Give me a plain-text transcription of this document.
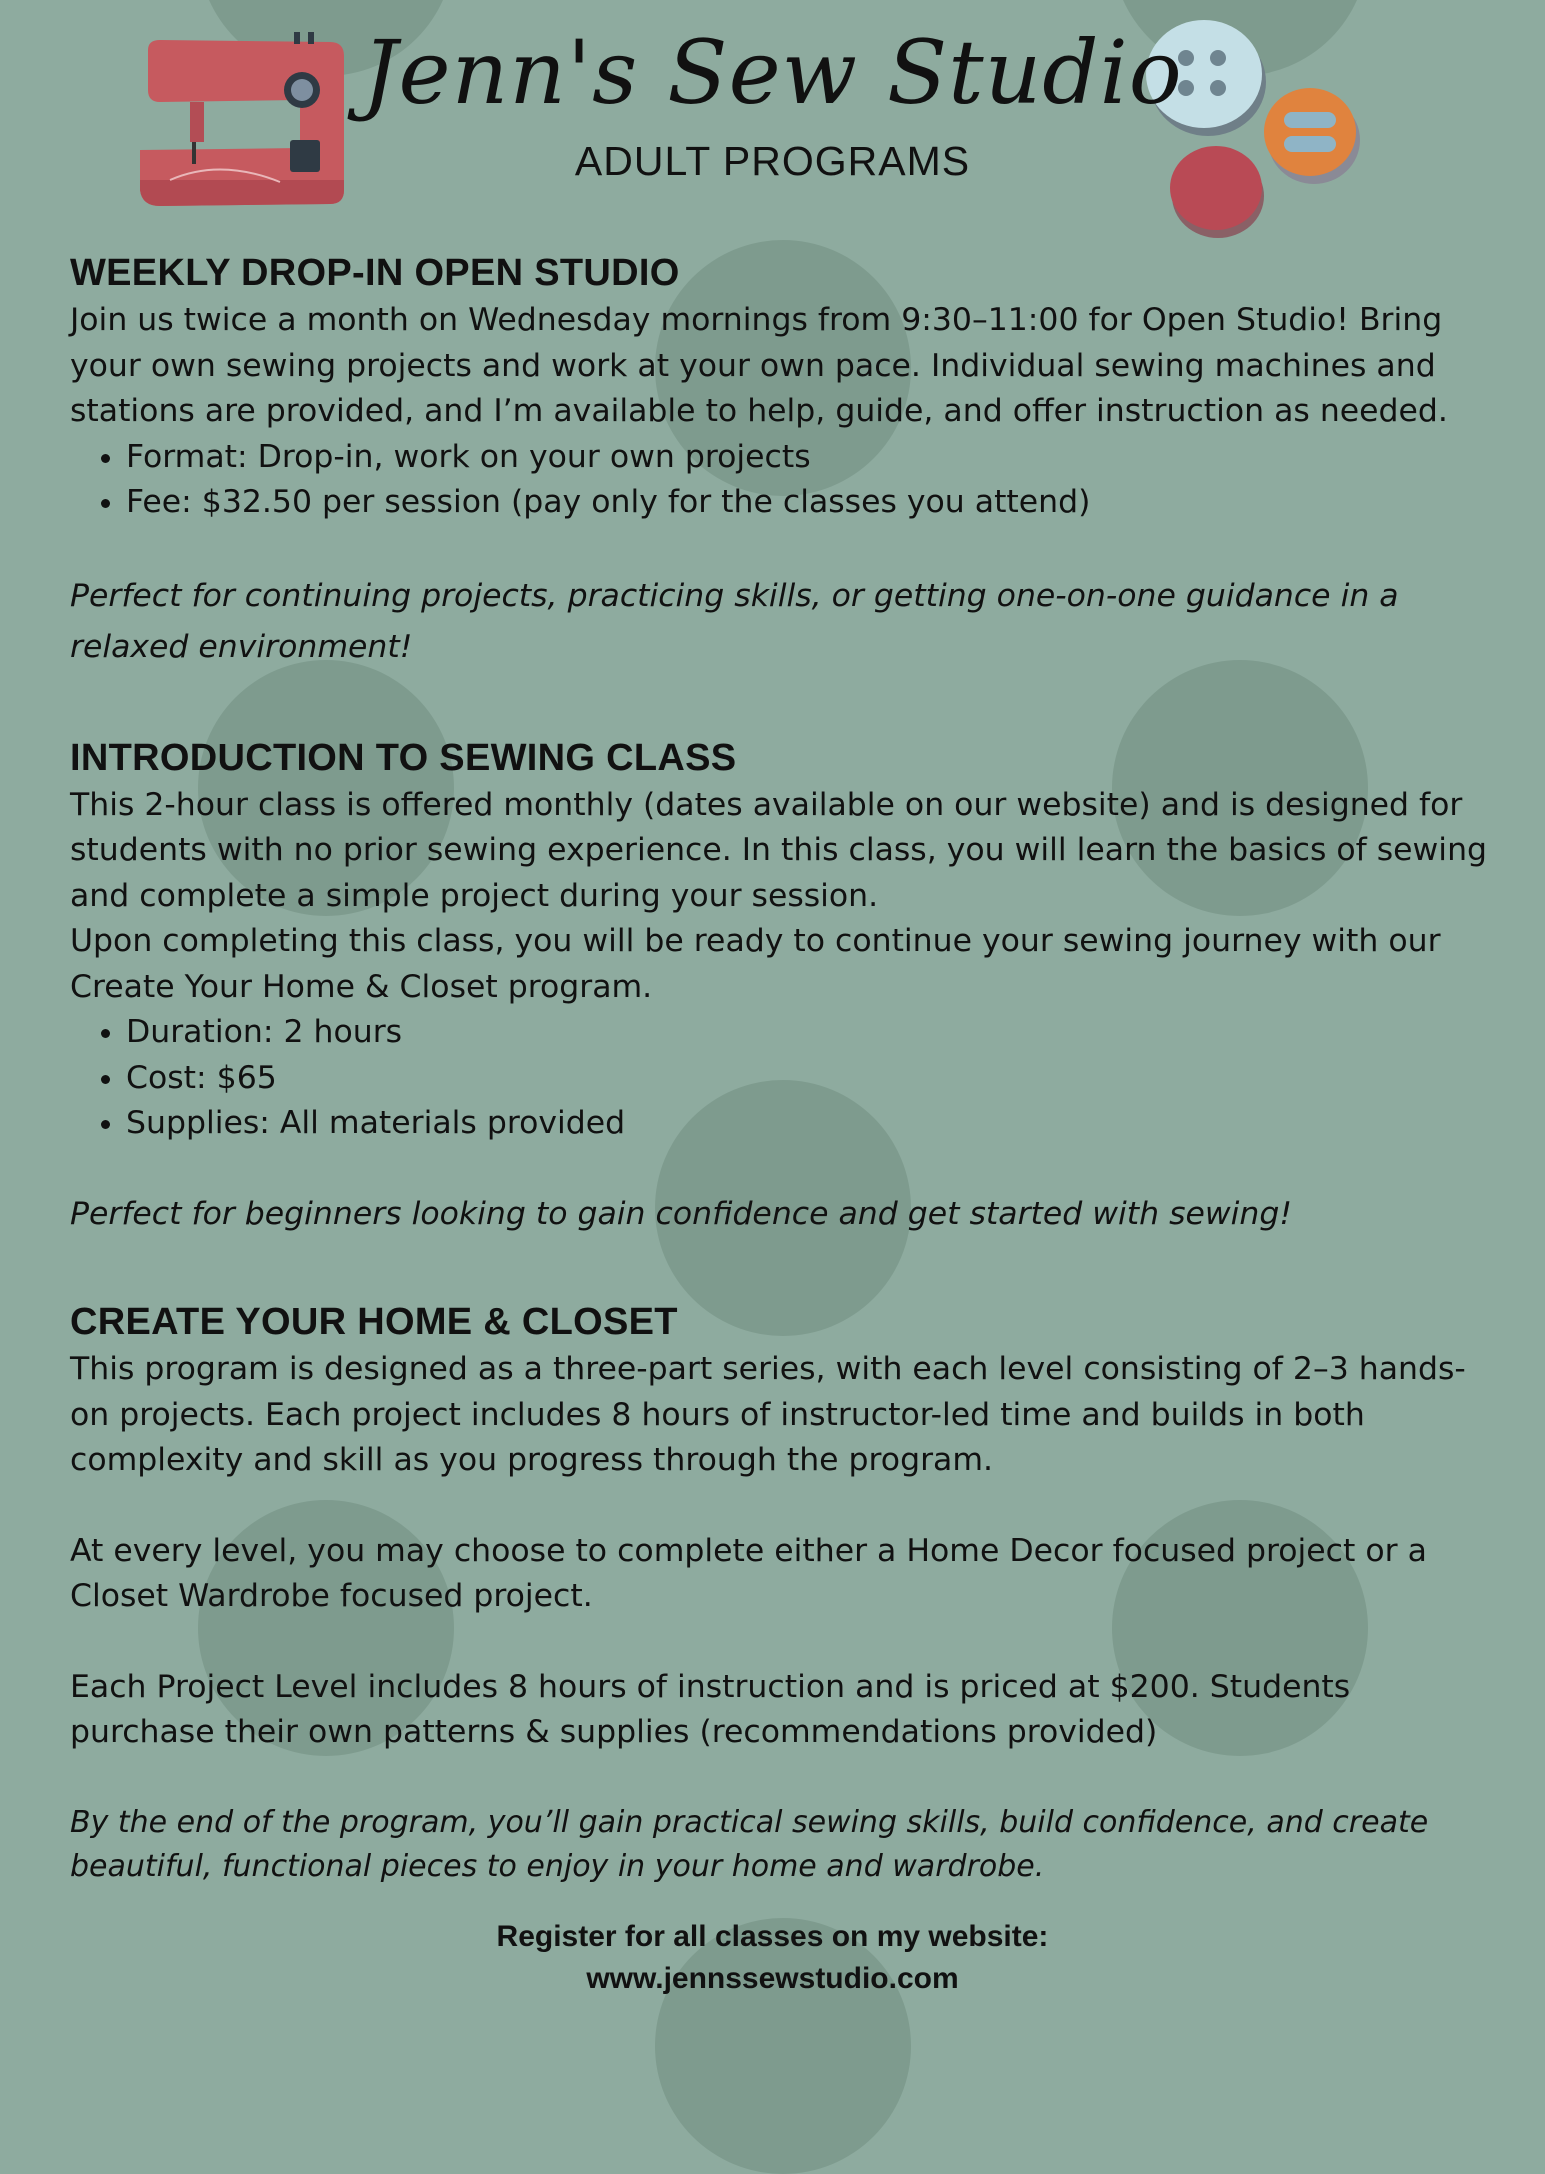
Jenn's Sew Studio
ADULT PROGRAMS
WEEKLY DROP-IN OPEN STUDIO

Join us twice a month on Wednesday mornings from 9:30–11:00 for Open Studio! Bring your own sewing projects and work at your own pace. Individual sewing machines and stations are provided, and I’m available to help, guide, and offer instruction as needed.

• Format: Drop-in, work on your own projects
• Fee: $32.50 per session (pay only for the classes you attend)

Perfect for continuing projects, practicing skills, or getting one-on-one guidance in a relaxed environment!

INTRODUCTION TO SEWING CLASS

This 2-hour class is offered monthly (dates available on our website) and is designed for students with no prior sewing experience. In this class, you will learn the basics of sewing and complete a simple project during your session.

Upon completing this class, you will be ready to continue your sewing journey with our Create Your Home & Closet program.

• Duration: 2 hours
• Cost: $65
• Supplies: All materials provided

Perfect for beginners looking to gain confidence and get started with sewing!

CREATE YOUR HOME & CLOSET

This program is designed as a three-part series, with each level consisting of 2–3 hands-on projects. Each project includes 8 hours of instructor-led time and builds in both complexity and skill as you progress through the program.

At every level, you may choose to complete either a Home Decor focused project or a Closet Wardrobe focused project.

Each Project Level includes 8 hours of instruction and is priced at $200. Students purchase their own patterns & supplies (recommendations provided)

By the end of the program, you’ll gain practical sewing skills, build confidence, and create beautiful, functional pieces to enjoy in your home and wardrobe.

Register for all classes on my website:
www.jennssewstudio.com
